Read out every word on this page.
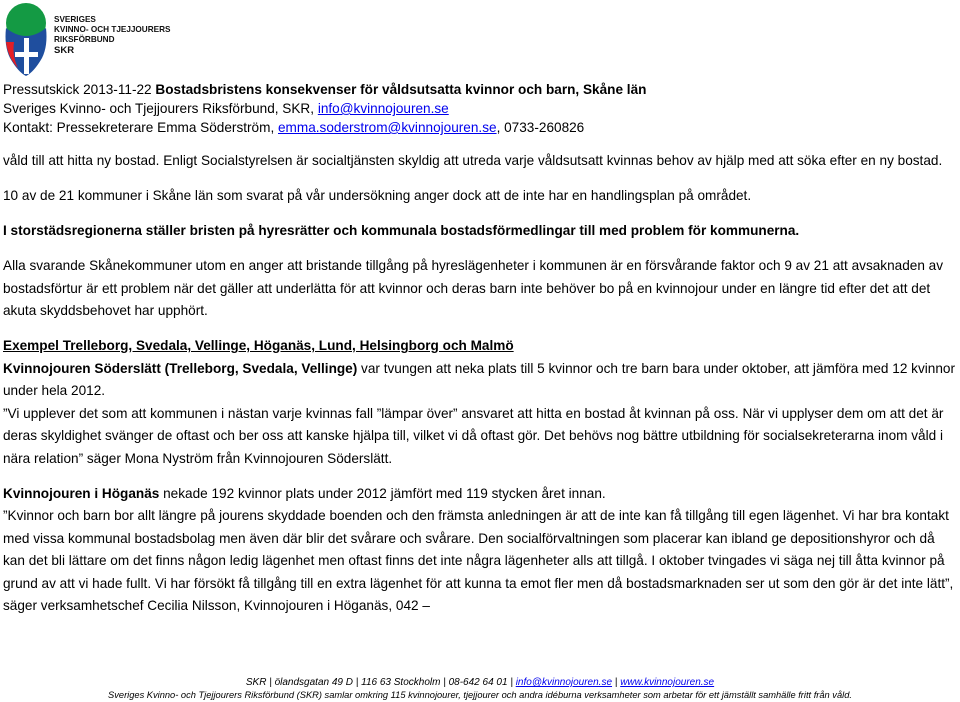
SVERIGES
KVINNO- OCH TJEJJOURERS
RIKSFÖRBUND
SKR
Pressutskick 2013-11-22 Bostadsbristens konsekvenser för våldsutsatta kvinnor och barn, Skåne län
Sveriges Kvinno- och Tjejjourers Riksförbund, SKR, info@kvinnojouren.se
Kontakt: Pressekreterare Emma Söderström, emma.soderstrom@kvinnojouren.se, 0733-260826

våld till att hitta ny bostad. Enligt Socialstyrelsen är socialtjänsten skyldig att utreda varje våldsutsatt kvinnas behov av hjälp med att söka efter en ny bostad.

10 av de 21 kommuner i Skåne län som svarat på vår undersökning anger dock att de inte har en handlingsplan på området.

I storstädsregionerna ställer bristen på hyresrätter och kommunala bostadsförmedlingar till med problem för kommunerna.

Alla svarande Skånekommuner utom en anger att bristande tillgång på hyreslägenheter i kommunen är en försvårande faktor och 9 av 21 att avsaknaden av bostadsförtur är ett problem när det gäller att underlätta för att kvinnor och deras barn inte behöver bo på en kvinnojour under en längre tid efter det att det akuta skyddsbehovet har upphört.

Exempel Trelleborg, Svedala, Vellinge, Höganäs, Lund, Helsingborg och Malmö

Kvinnojouren Söderslätt (Trelleborg, Svedala, Vellinge) var tvungen att neka plats till 5 kvinnor och tre barn bara under oktober, att jämföra med 12 kvinnor under hela 2012.

”Vi upplever det som att kommunen i nästan varje kvinnas fall ”lämpar över” ansvaret att hitta en bostad åt kvinnan på oss. När vi upplyser dem om att det är deras skyldighet svänger de oftast och ber oss att kanske hjälpa till, vilket vi då oftast gör. Det behövs nog bättre utbildning för socialsekreterarna inom våld i nära relation” säger Mona Nyström från Kvinnojouren Söderslätt.

Kvinnojouren i Höganäs nekade 192 kvinnor plats under 2012 jämfört med 119 stycken året innan.

”Kvinnor och barn bor allt längre på jourens skyddade boenden och den främsta anledningen är att de inte kan få tillgång till egen lägenhet. Vi har bra kontakt med vissa kommunal bostadsbolag men även där blir det svårare och svårare. Den socialförvaltningen som placerar kan ibland ge depositionshyror och då kan det bli lättare om det finns någon ledig lägenhet men oftast finns det inte några lägenheter alls att tillgå. I oktober tvingades vi säga nej till åtta kvinnor på grund av att vi hade fullt. Vi har försökt få tillgång till en extra lägenhet för att kunna ta emot fler men då bostadsmarknaden ser ut som den gör är det inte lätt”, säger verksamhetschef Cecilia Nilsson, Kvinnojouren i Höganäs, 042 –

SKR | ölandsgatan 49 D | 116 63 Stockholm | 08-642 64 01 | info@kvinnojouren.se | www.kvinnojouren.se
Sveriges Kvinno- och Tjejjourers Riksförbund (SKR) samlar omkring 115 kvinnojourer, tjejjourer och andra idéburna verksamheter som arbetar för ett jämställt samhälle fritt från våld.
